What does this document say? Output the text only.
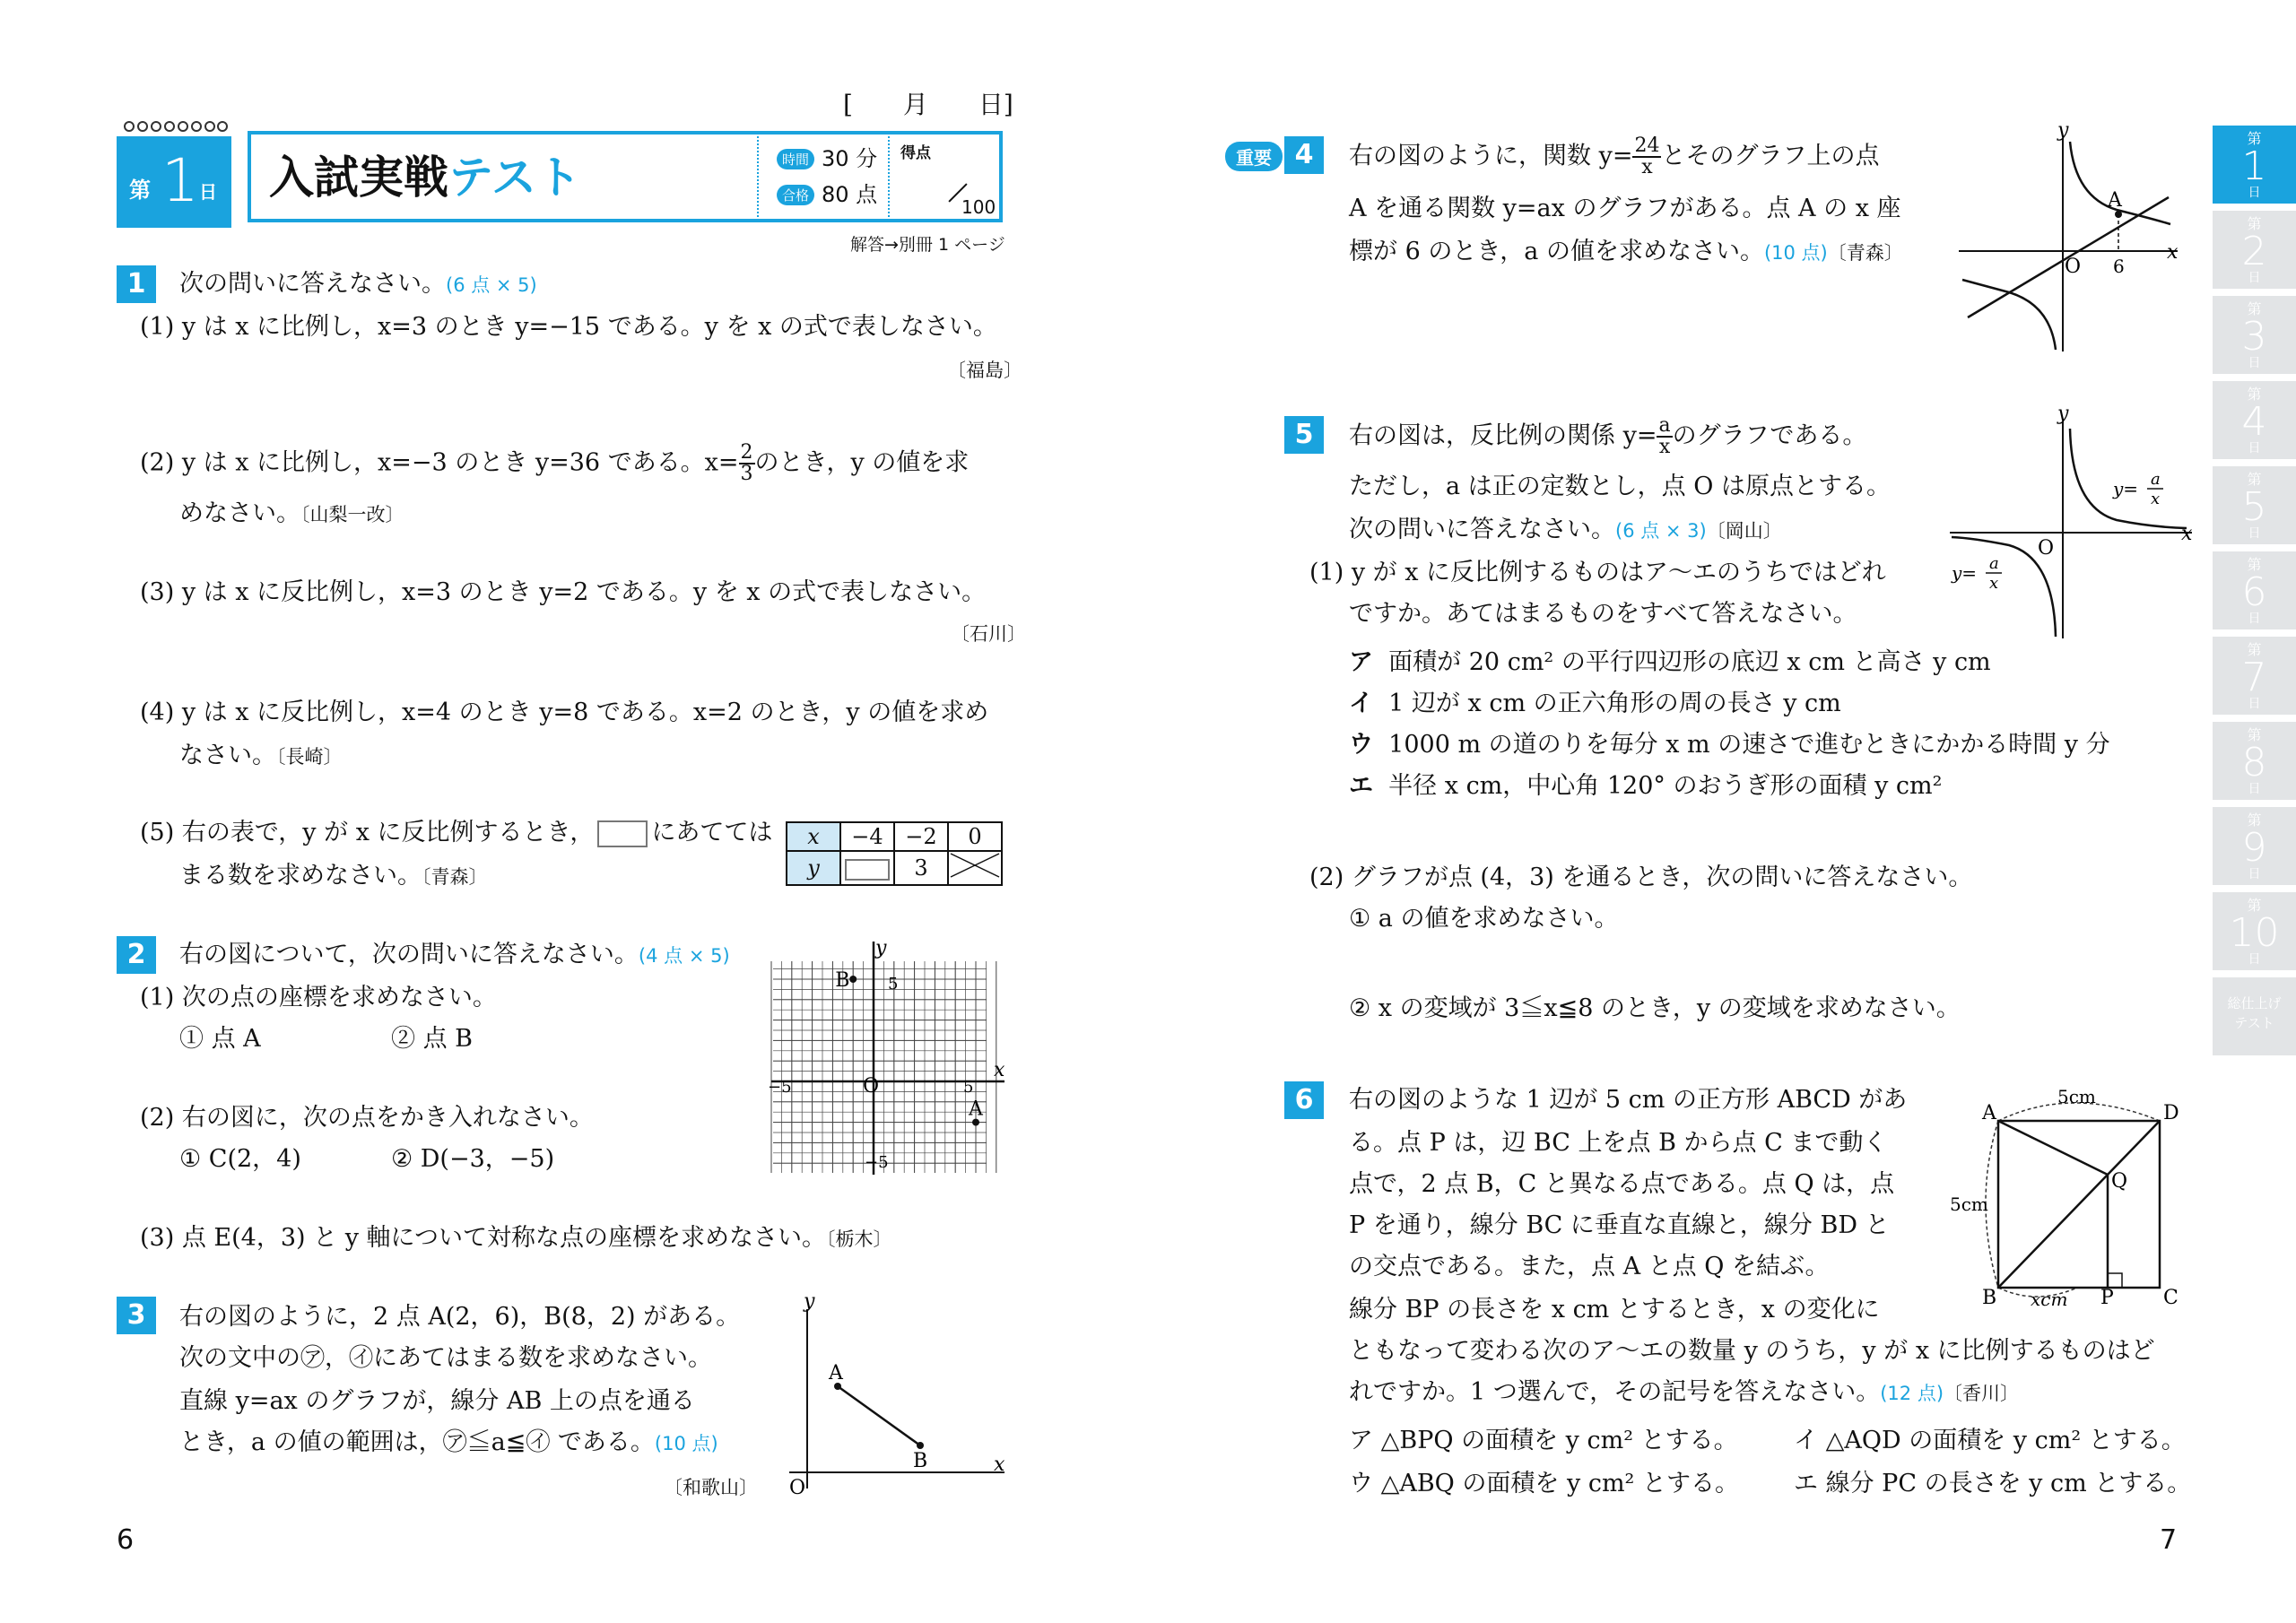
[　　月　　日]
第 1 日 入試実戦テスト	時間 30 分
合格 80 点
得点
100
解答→別冊 1 ページ
1	次の問いに答えなさい。(6 点 × 5)
(1) y は x に比例し，x=3 のとき y=−15 である。y を x の式で表しなさい。
〔福島〕
(2) y は x に比例し，x=−3 のとき y=36 である。$x= \frac{2}{3}$ のとき，y の値を求
めなさい。〔山梨一改〕
(3) y は x に反比例し，x=3 のとき y=2 である。y を x の式で表しなさい。
〔石川〕
(4) y は x に反比例し，x=4 のとき y=8 である。x=2 のとき，y の値を求め
なさい。〔長崎〕
(5) 右の表で，y が x に反比例するとき， にあてては
まる数を求めなさい。〔青森〕
x	−4	−2	0
y		3	
2	右の図について，次の問いに答えなさい。(4 点 × 5)
(1) 次の点の座標を求めなさい。
① 点 A	② 点 B
(2) 右の図に，次の点をかき入れなさい。
① C(2，4)	② D(−3，−5)
(3) 点 E(4，3) と y 軸について対称な点の座標を求めなさい。〔栃木〕
y
x
O
5
−5	5
−5
A
B
3	右の図のように，2 点 A(2，6)，B(8，2) がある。
次の文中の㋐，㋑にあてはまる数を求めなさい。
直線 y=ax のグラフが，線分 AB 上の点を通る
とき，a の値の範囲は，㋐≦a≦㋑ である。(10 点)
〔和歌山〕
y
x
O
A
B
6
重要 4	右の図のように，関数 $y= \frac{24}{x}$ とそのグラフ上の点
A を通る関数 y=ax のグラフがある。点 A の x 座
標が 6 のとき，a の値を求めなさい。(10 点)〔青森〕
y
x
O
A
6
5	右の図は，反比例の関係 $y= \frac{a}{x}$ のグラフである。
ただし，a は正の定数とし，点 O は原点とする。
次の問いに答えなさい。(6 点 × 3)〔岡山〕
(1) y が x に反比例するものはア～エのうちではどれ
ですか。あてはまるものをすべて答えなさい。
ア 面積が 20 cm² の平行四辺形の底辺 x cm と高さ y cm
イ 1 辺が x cm の正六角形の周の長さ y cm
ウ 1000 m の道のりを毎分 x m の速さで進むときにかかる時間 y 分
エ 半径 x cm，中心角 120° のおうぎ形の面積 y cm²
(2) グラフが点 (4，3) を通るとき，次の問いに答えなさい。
① a の値を求めなさい。
② x の変域が 3≦x≦8 のとき，y の変域を求めなさい。
y
x
O
y= a
x
y= a
x
6	右の図のような 1 辺が 5 cm の正方形 ABCD があ
る。点 P は，辺 BC 上を点 B から点 C まで動く
点で，2 点 B，C と異なる点である。点 Q は，点
P を通り，線分 BC に垂直な直線と，線分 BD と
の交点である。また，点 A と点 Q を結ぶ。
線分 BP の長さを x cm とするとき，x の変化に
ともなって変わる次のア～エの数量 y のうち，y が x に比例するものはど
れですか。1 つ選んで，その記号を答えなさい。(12 点)〔香川〕
ア △BPQ の面積を y cm² とする。 イ △AQD の面積を y cm² とする。
ウ △ABQ の面積を y cm² とする。 エ 線分 PC の長さを y cm とする。
A
B	C
D
P
Q
5cm
5cm
xcm
7
第
1
日
第
2
日
第
3
日
第
4
日
第
5
日
第
6
日
第
7
日
第
8
日
第
9
日
第
10
日
総仕上げ
テスト
